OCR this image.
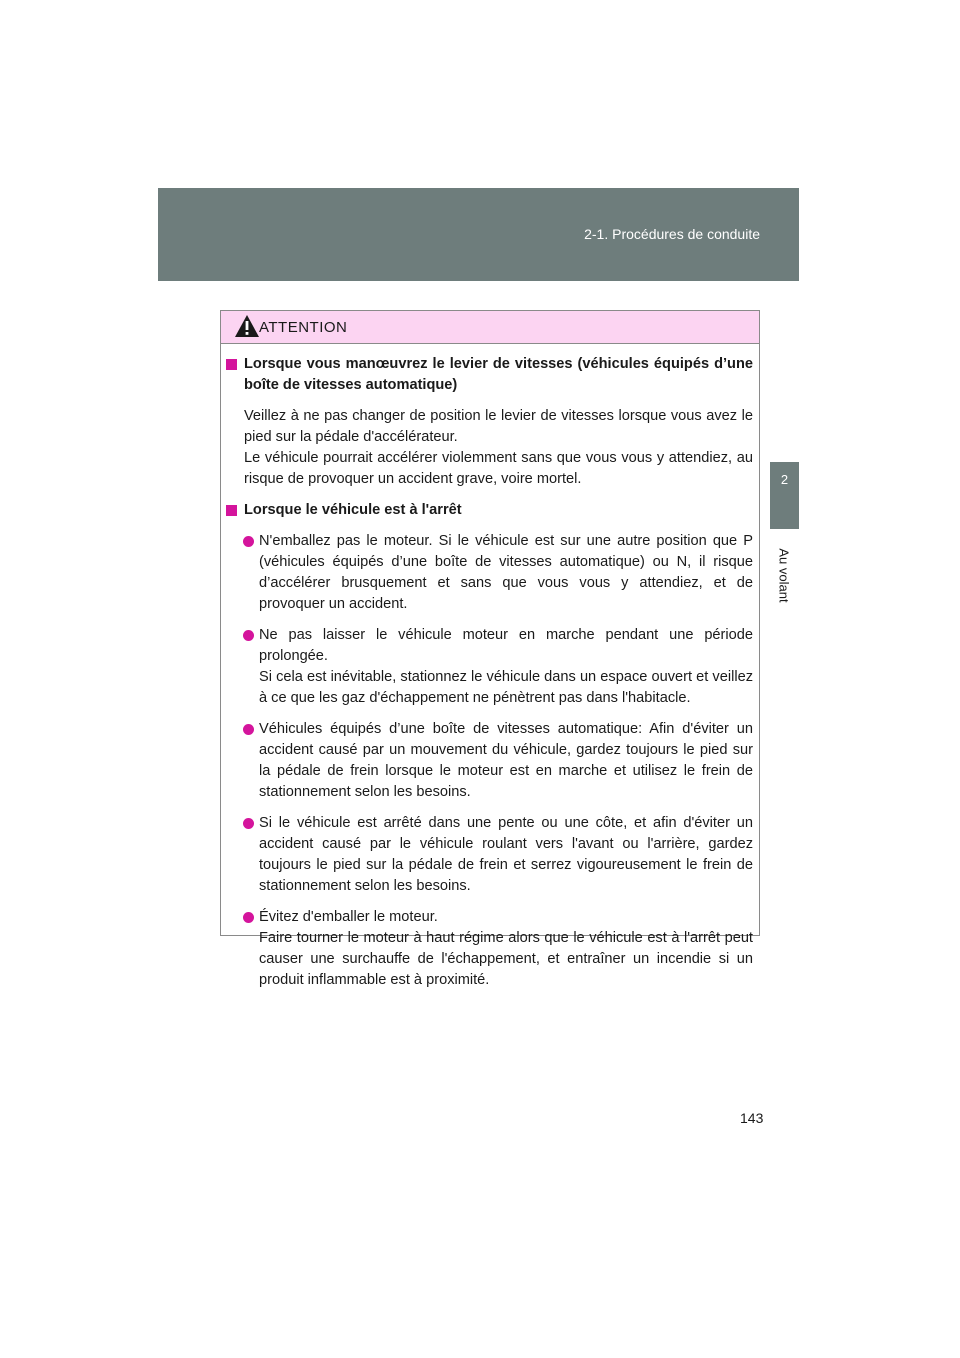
2-1. Procédures de conduite
2
Au volant
ATTENTION
Lorsque vous manœuvrez le levier de vitesses (véhicules équipés d’une boîte de vitesses automatique)
Veillez à ne pas changer de position le levier de vitesses lorsque vous avez le pied sur la pédale d'accélérateur.
Le véhicule pourrait accélérer violemment sans que vous vous y attendiez, au risque de provoquer un accident grave, voire mortel.
Lorsque le véhicule est à l'arrêt
N'emballez pas le moteur. Si le véhicule est sur une autre position que P (véhicules équipés d’une boîte de vitesses automatique) ou N, il risque d’accélérer brusquement et sans que vous vous y attendiez, et de provoquer un accident.
Ne pas laisser le véhicule moteur en marche pendant une période prolongée.
Si cela est inévitable, stationnez le véhicule dans un espace ouvert et veillez à ce que les gaz d'échappement ne pénètrent pas dans l'habitacle.
Véhicules équipés d’une boîte de vitesses automatique: Afin d'éviter un accident causé par un mouvement du véhicule, gardez toujours le pied sur la pédale de frein lorsque le moteur est en marche et utilisez le frein de stationnement selon les besoins.
Si le véhicule est arrêté dans une pente ou une côte, et afin d'éviter un accident causé par le véhicule roulant vers l'avant ou l'arrière, gardez toujours le pied sur la pédale de frein et serrez vigoureusement le frein de stationnement selon les besoins.
Évitez d'emballer le moteur.
Faire tourner le moteur à haut régime alors que le véhicule est à l'arrêt peut causer une surchauffe de l'échappement, et entraîner un incendie si un produit inflammable est à proximité.
143
